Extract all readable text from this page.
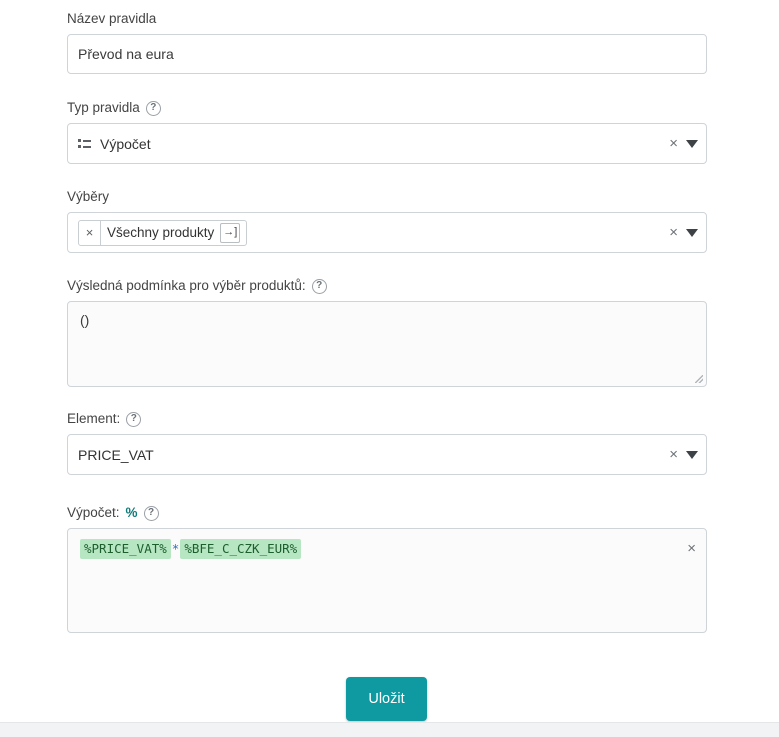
Název pravidla
Převod na eura
Typ pravidla	?
Výpočet	×
Výběry
×	Všechny produkty →]	×
Výsledná podmínka pro výběr produktů:	?
()
Element:	?
PRICE_VAT	×
Výpočet: %	?
%PRICE_VAT% * %BFE_C_CZK_EUR%	×
Uložit
